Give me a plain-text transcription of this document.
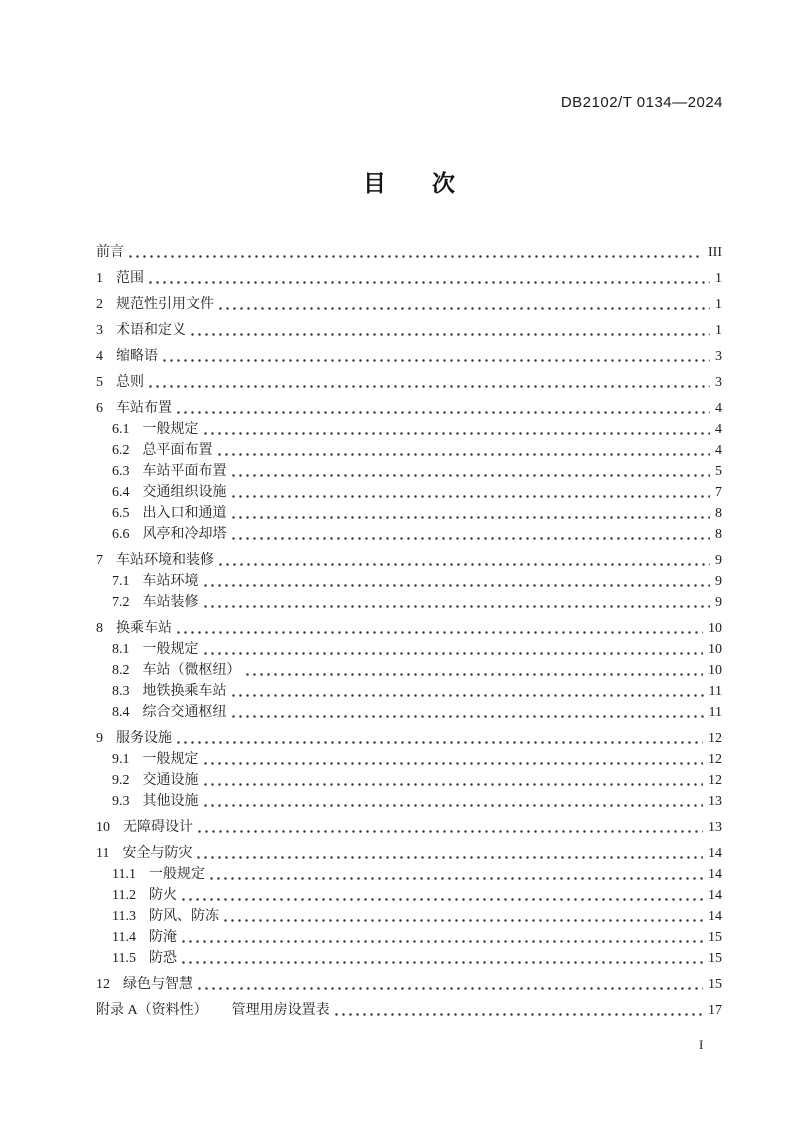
DB2102/T 0134—2024
目　　次
前言	III
1 范围	1
2 规范性引用文件	1
3 术语和定义	1
4 缩略语	3
5 总则	3
6 车站布置	4
6.1 一般规定	4
6.2 总平面布置	4
6.3 车站平面布置	5
6.4 交通组织设施	7
6.5 出入口和通道	8
6.6 风亭和冷却塔	8
7 车站环境和装修	9
7.1 车站环境	9
7.2 车站装修	9
8 换乘车站	10
8.1 一般规定	10
8.2 车站（微枢纽）	10
8.3 地铁换乘车站	11
8.4 综合交通枢纽	11
9 服务设施	12
9.1 一般规定	12
9.2 交通设施	12
9.3 其他设施	13
10 无障碍设计	13
11 安全与防灾	14
11.1 一般规定	14
11.2 防火	14
11.3 防风、防冻	14
11.4 防淹	15
11.5 防恐	15
12 绿色与智慧	15
附录 A（资料性） 管理用房设置表	17
I
